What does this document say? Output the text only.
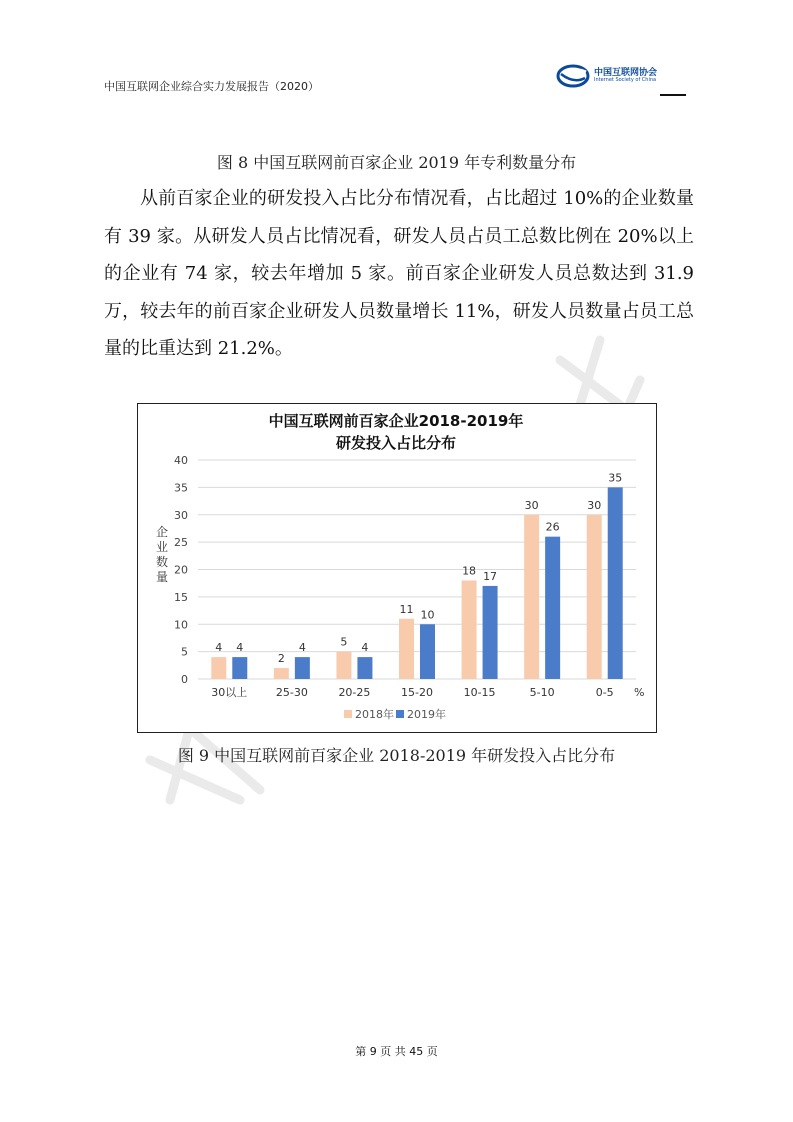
中国互联网企业综合实力发展报告（2020）
中国互联网协会
Internet Society of China
图 8 中国互联网前百家企业 2019 年专利数量分布
从前百家企业的研发投入占比分布情况看，占比超过 10%的企业数量有 39 家。从研发人员占比情况看，研发人员占员工总数比例在 20%以上的企业有 74 家，较去年增加 5 家。前百家企业研发人员总数达到 31.9 万，较去年的前百家企业研发人员数量增长 11%，研发人员数量占员工总量的比重达到 21.2%。
中国互联网前百家企业2018-2019年
研发投入占比分布
企业数量
0
5
10
15
20
25
30
35
40
4 4
2
4	5 4
11 10
18 17
30
26
30
35
30以上	25-30	20-25	15-20	10-15	5-10	0-5 %
2018年 2019年
图 9 中国互联网前百家企业 2018-2019 年研发投入占比分布
第 9 页 共 45 页
